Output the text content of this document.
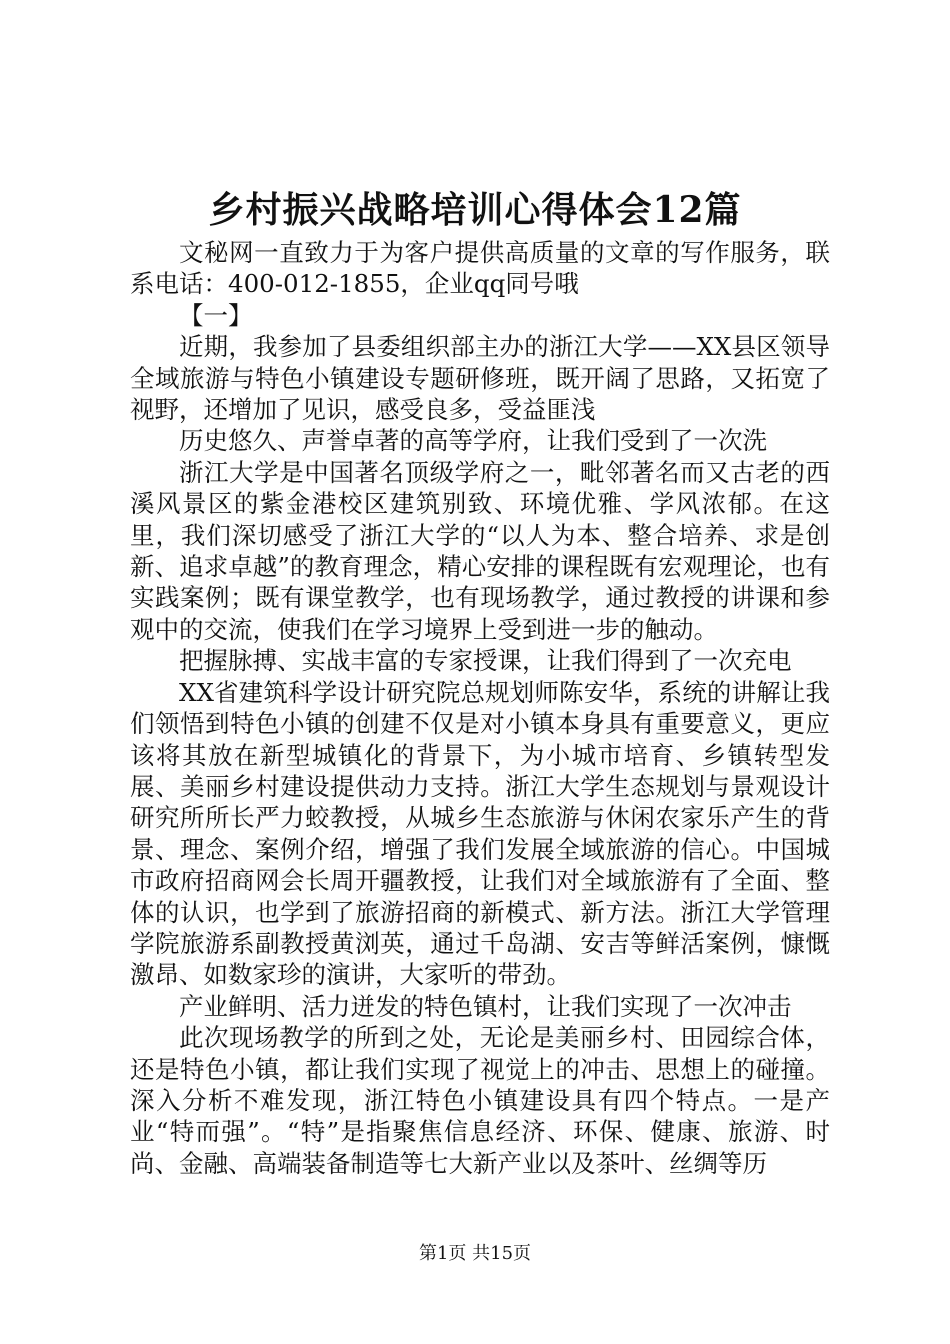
乡村振兴战略培训心得体会12篇

文秘网一直致力于为客户提供高质量的文章的写作服务，联系电话：400-012-1855，企业qq同号哦

【一】

近期，我参加了县委组织部主办的浙江大学——XX县区领导全域旅游与特色小镇建设专题研修班，既开阔了思路，又拓宽了视野，还增加了见识，感受良多，受益匪浅

历史悠久、声誉卓著的高等学府，让我们受到了一次洗

浙江大学是中国著名顶级学府之一，毗邻著名而又古老的西溪风景区的紫金港校区建筑别致、环境优雅、学风浓郁。在这里，我们深切感受了浙江大学的“以人为本、整合培养、求是创新、追求卓越”的教育理念，精心安排的课程既有宏观理论，也有实践案例；既有课堂教学，也有现场教学，通过教授的讲课和参观中的交流，使我们在学习境界上受到进一步的触动。

把握脉搏、实战丰富的专家授课，让我们得到了一次充电

XX省建筑科学设计研究院总规划师陈安华，系统的讲解让我们领悟到特色小镇的创建不仅是对小镇本身具有重要意义，更应该将其放在新型城镇化的背景下，为小城市培育、乡镇转型发展、美丽乡村建设提供动力支持。浙江大学生态规划与景观设计研究所所长严力蛟教授，从城乡生态旅游与休闲农家乐产生的背景、理念、案例介绍，增强了我们发展全域旅游的信心。中国城市政府招商网会长周开疆教授，让我们对全域旅游有了全面、整体的认识，也学到了旅游招商的新模式、新方法。浙江大学管理学院旅游系副教授黄浏英，通过千岛湖、安吉等鲜活案例，慷慨激昂、如数家珍的演讲，大家听的带劲。

产业鲜明、活力迸发的特色镇村，让我们实现了一次冲击

此次现场教学的所到之处，无论是美丽乡村、田园综合体，还是特色小镇，都让我们实现了视觉上的冲击、思想上的碰撞。深入分析不难发现，浙江特色小镇建设具有四个特点。一是产业“特而强”。“特”是指聚焦信息经济、环保、健康、旅游、时尚、金融、高端装备制造等七大新产业以及茶叶、丝绸等历

第1页 共15页
